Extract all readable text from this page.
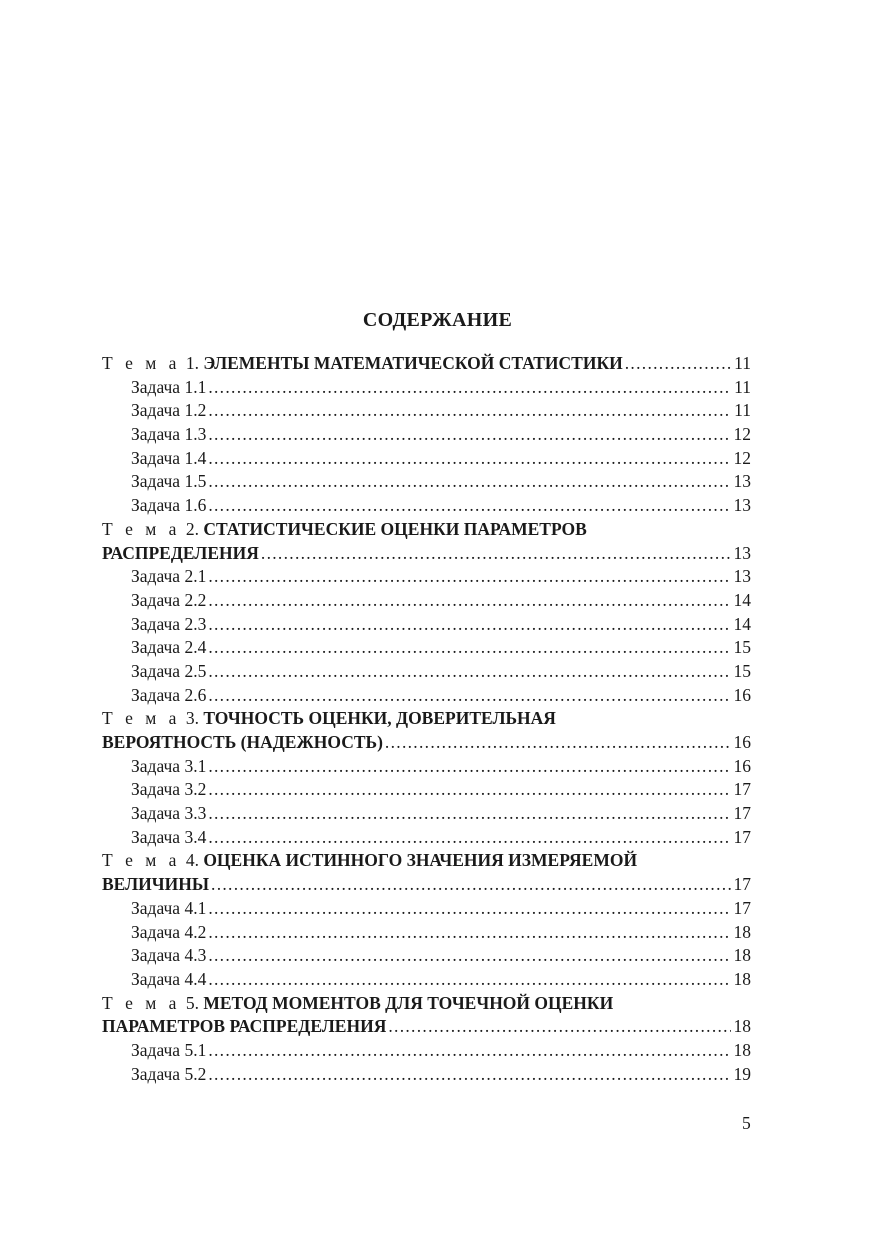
СОДЕРЖАНИЕ
Т е м а
1.
ЭЛЕМЕНТЫ МАТЕМАТИЧЕСКОЙ СТАТИСТИКИ .....	11
Задача 1.1 .....	11
Задача 1.2 .....	11
Задача 1.3 .....	12
Задача 1.4 .....	12
Задача 1.5 .....	13
Задача 1.6 .....	13
Т е м а
2.
СТАТИСТИЧЕСКИЕ ОЦЕНКИ ПАРАМЕТРОВ
РАСПРЕДЕЛЕНИЯ .....	13
Задача 2.1 .....	13
Задача 2.2 .....	14
Задача 2.3 .....	14
Задача 2.4 .....	15
Задача 2.5 .....	15
Задача 2.6 .....	16
Т е м а
3.
ТОЧНОСТЬ ОЦЕНКИ, ДОВЕРИТЕЛЬНАЯ
ВЕРОЯТНОСТЬ (НАДЕЖНОСТЬ) .....	16
Задача 3.1 .....	16
Задача 3.2 .....	17
Задача 3.3 .....	17
Задача 3.4 .....	17
Т е м а
4.
ОЦЕНКА ИСТИННОГО ЗНАЧЕНИЯ ИЗМЕРЯЕМОЙ
ВЕЛИЧИНЫ .....	17
Задача 4.1 .....	17
Задача 4.2 .....	18
Задача 4.3 .....	18
Задача 4.4 .....	18
Т е м а
5.
МЕТОД МОМЕНТОВ ДЛЯ ТОЧЕЧНОЙ ОЦЕНКИ
ПАРАМЕТРОВ РАСПРЕДЕЛЕНИЯ .....	18
Задача 5.1 .....	18
Задача 5.2 .....	19
5
